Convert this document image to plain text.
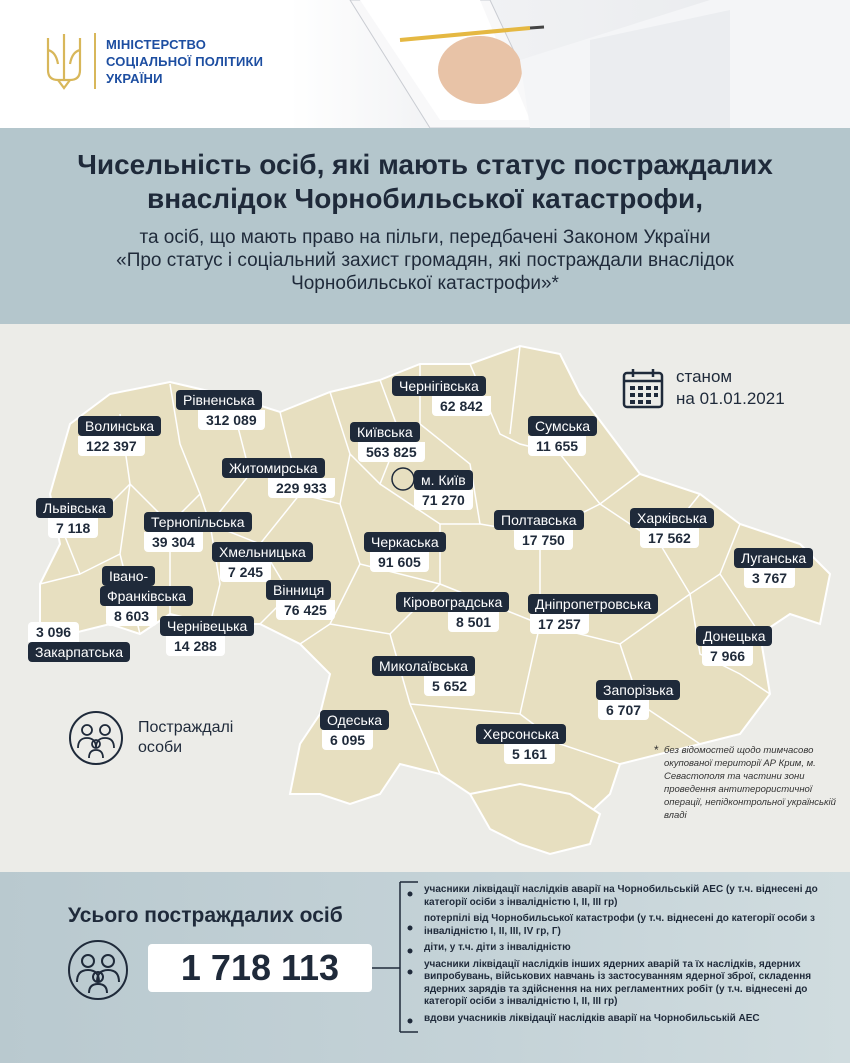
МІНІСТЕРСТВО
СОЦІАЛЬНОЇ ПОЛІТИКИ
УКРАЇНИ
Чисельність осіб, які мають статус постраждалих
внаслідок Чорнобильської катастрофи,
та осіб, що мають право на пільги, передбачені Законом України
«Про статус і соціальний захист громадян, які постраждали внаслідок
Чорнобильської катастрофи»*
станом
на 01.01.2021
Рівненська
312 089
Чернігівська
62 842
Волинська
122 397
Київська
563 825
Сумська
11 655
Житомирська
229 933	м. Київ
71 270
Львівська
7 118	Тернопільська
39 304
Полтавська
17 750
Харківська
17 562
Черкаська
91 605
Хмельницька
7 245
Луганська
3 767
Івано-
Франківська
8 603
Вінниця
76 425	Кіровоградська
8 501
Дніпропетровська
17 257
Чернівецька
14 288
3 096
Закарпатська
Донецька
7 966
Миколаївська
5 652	Запорізька
6 707
Одеська
6 095	Херсонська
5 161
Постраждалі
особи	* без відомостей щодо тимчасово окупованої території АР Крим, м. Севастополя та частини зони проведення антитерористичної операції, непідконтрольної українській владі
Усього постраждалих осіб
1 718 113
учасники ліквідації наслідків аварії на Чорнобильській АЕС (у т.ч. віднесені до категорії осіби з інвалідністю І, ІІ, ІІІ гр)
потерпілі від Чорнобильської катастрофи (у т.ч. віднесені до категорії особи з інвалідністю І, ІІ, ІІІ, IV гр, Г)
діти, у т.ч. діти з інвалідністю
учасники ліквідації наслідків інших ядерних аварій та їх наслідків, ядерних випробувань, військових навчань із застосуванням ядерної зброї, складення ядерних зарядів та здійснення на них регламентних робіт (у т.ч. віднесені до категорії осіби з інвалідністю І, ІІ, ІІІ гр)
вдови учасників ліквідації наслідків аварії на Чорнобильській АЕС
